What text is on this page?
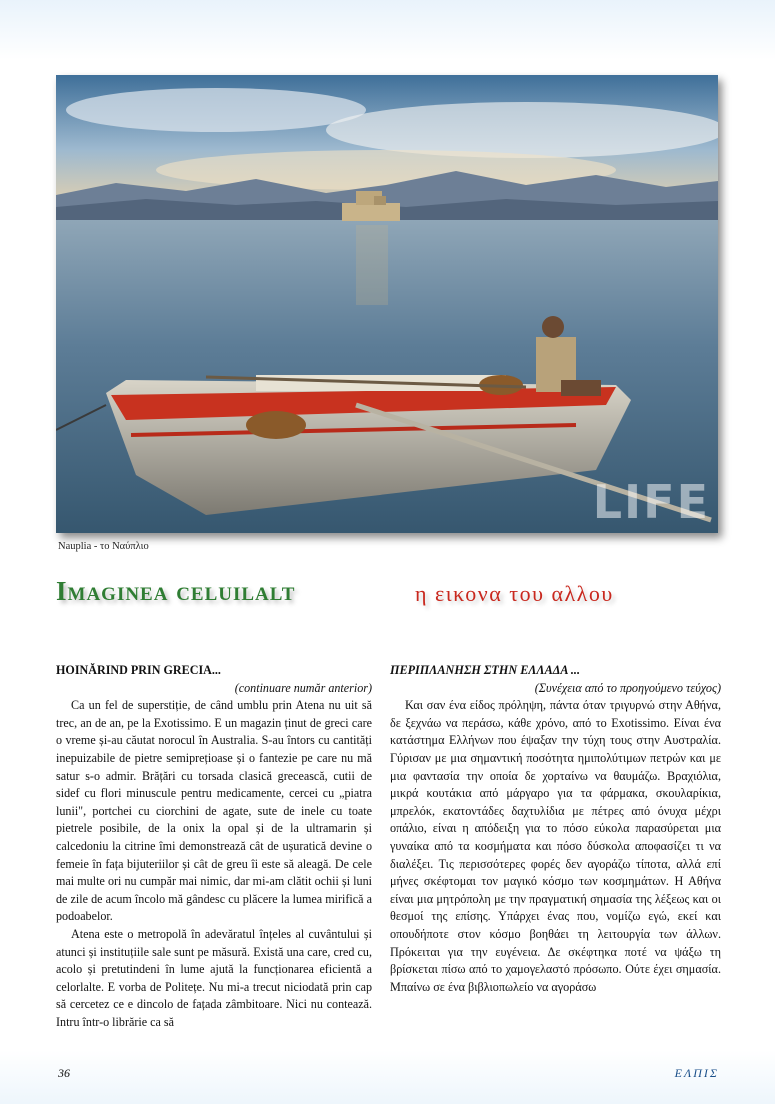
LIFE
Nauplia - το Ναύπλιο
Imaginea celuilalt	η εικονα του αλλου

HOINĂRIND PRIN GRECIA...

(continuare număr anterior)

Ca un fel de superstiție, de când umblu prin Atena nu uit să trec, an de an, pe la Exotissimo. E un magazin ținut de greci care o vreme și-au căutat norocul în Australia. S-au întors cu cantități inepuizabile de pietre semiprețioase și o fantezie pe care nu mă satur s-o admir. Brățări cu torsada clasică grecească, cutii de sidef cu flori minuscule pentru medicamente, cercei cu „piatra lunii", portchei cu ciorchini de agate, sute de inele cu toate pietrele posibile, de la onix la opal și de la ultramarin și calcedoniu la citrine îmi demonstrează cât de ușuratică devine o femeie în fața bijuteriilor și cât de greu îi este să aleagă. De cele mai multe ori nu cumpăr mai nimic, dar mi-am clătit ochii și luni de zile de acum încolo mă gândesc cu plăcere la lumea mirifică a podoabelor.

Atena este o metropolă în adevăratul înțeles al cuvântului și atunci și instituțiile sale sunt pe măsură. Există una care, cred cu, acolo și pretutindeni în lume ajută la funcționarea eficientă a celorlalte. E vorba de Politețe. Nu mi-a trecut niciodată prin cap să cercetez ce e dincolo de fațada zâmbitoare. Nici nu contează. Intru într-o librărie ca să

ΠΕΡΙΠΛΑΝΗΣΗ ΣΤΗΝ ΕΛΛΑΔΑ ...

(Συνέχεια από το προηγούμενο τεύχος)

Και σαν ένα είδος πρόληψη, πάντα όταν τριγυρνώ στην Αθήνα, δε ξεχνάω να περάσω, κάθε χρόνο, από το Exotissimo. Είναι ένα κατάστημα Ελλήνων που έψαξαν την τύχη τους στην Αυστραλία. Γύρισαν με μια σημαντική ποσότητα ημιπολύτιμων πετρών και με μια φαντασία την οποία δε χορταίνω να θαυμάζω. Βραχιόλια, μικρά κουτάκια από μάργαρο για τα φάρμακα, σκουλαρίκια, μπρελόκ, εκατοντάδες δαχτυλίδια με πέτρες από όνυχα μέχρι οπάλιο, είναι η απόδειξη για το πόσο εύκολα παρασύρεται μια γυναίκα από τα κοσμήματα και πόσο δύσκολα αποφασίζει τι να διαλέξει. Τις περισσότερες φορές δεν αγοράζω τίποτα, αλλά επί μήνες σκέφτομαι τον μαγικό κόσμο των κοσμημάτων. Η Αθήνα είναι μια μητρόπολη με την πραγματική σημασία της λέξεως και οι θεσμοί της επίσης. Υπάρχει ένας που, νομίζω εγώ, εκεί και οπουδήποτε στον κόσμο βοηθάει τη λειτουργία των άλλων. Πρόκειται για την ευγένεια. Δε σκέφτηκα ποτέ να ψάξω τη βρίσκεται πίσω από το χαμογελαστό πρόσωπο. Ούτε έχει σημασία. Μπαίνω σε ένα βιβλιοπωλείο να αγοράσω

36	ΕΛΠΙΣ
